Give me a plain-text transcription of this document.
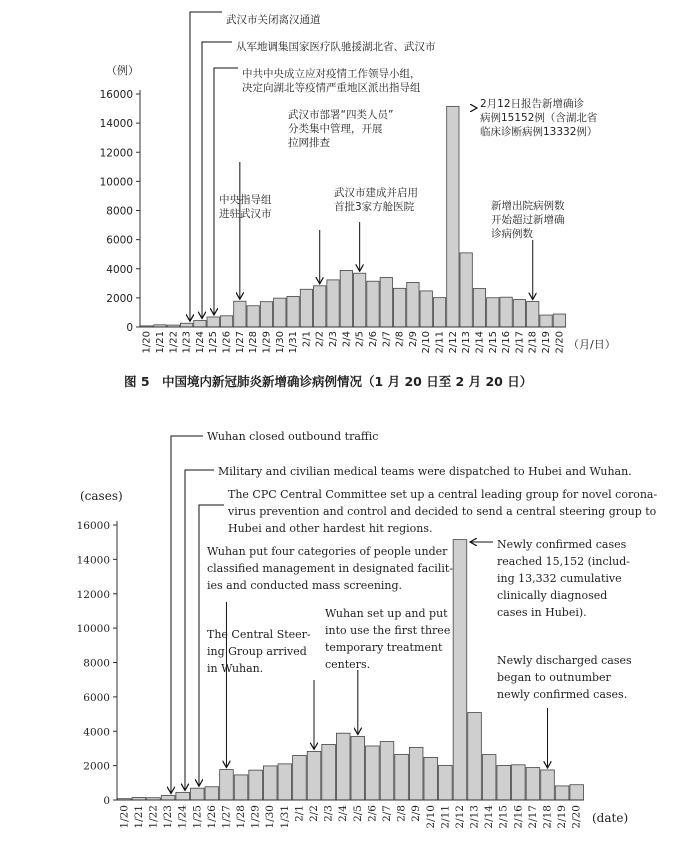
0
2000
4000
6000
8000
10000
12000
14000
16000
1/20 1/21 1/22 1/23 1/24 1/25 1/26 1/27 1/28 1/29 1/30 1/31 2/1 2/2 2/3 2/4 2/5 2/6 2/7 2/8 2/9 2/10 2/11 2/12 2/13 2/14 2/15 2/16 2/17 2/18 2/19 2/20
（例）
（月/日）
武汉市关闭离汉通道
从军地调集国家医疗队驰援湖北省、武汉市
中共中央成立应对疫情工作领导小组，
决定向湖北等疫情严重地区派出指导组
武汉市部署“四类人员”
分类集中管理，开展
拉网排查
中央指导组
进驻武汉市
武汉市建成并启用
首批3家方舱医院
2月12日报告新增确诊
病例15152例（含湖北省
临床诊断病例13332例）
新增出院病例数
开始超过新增确
诊病例数
图 5　中国境内新冠肺炎新增确诊病例情况（1 月 20 日至 2 月 20 日）
0
2000
4000
6000
8000
10000
12000
14000
16000
1/20 1/21 1/22 1/23 1/24 1/25 1/26 1/27 1/28 1/29 1/30 1/31 2/1 2/2 2/3 2/4 2/5 2/6 2/7 2/8 2/9 2/10 2/11 2/12 2/13 2/14 2/15 2/16 2/17 2/18 2/19 2/20
(cases)
(date)
Wuhan closed outbound traffic
Military and civilian medical teams were dispatched to Hubei and Wuhan.
The CPC Central Committee set up a central leading group for novel corona-
virus prevention and control and decided to send a central steering group to
Hubei and other hardest hit regions.
Wuhan put four categories of people under
classified management in designated facilit-
ies and conducted mass screening.
The Central Steer-
ing Group arrived
in Wuhan.
Wuhan set up and put
into use the first three
temporary treatment
centers.
Newly confirmed cases
reached 15,152 (includ-
ing 13,332 cumulative
clinically diagnosed
cases in Hubei).
Newly discharged cases
began to outnumber
newly confirmed cases.
